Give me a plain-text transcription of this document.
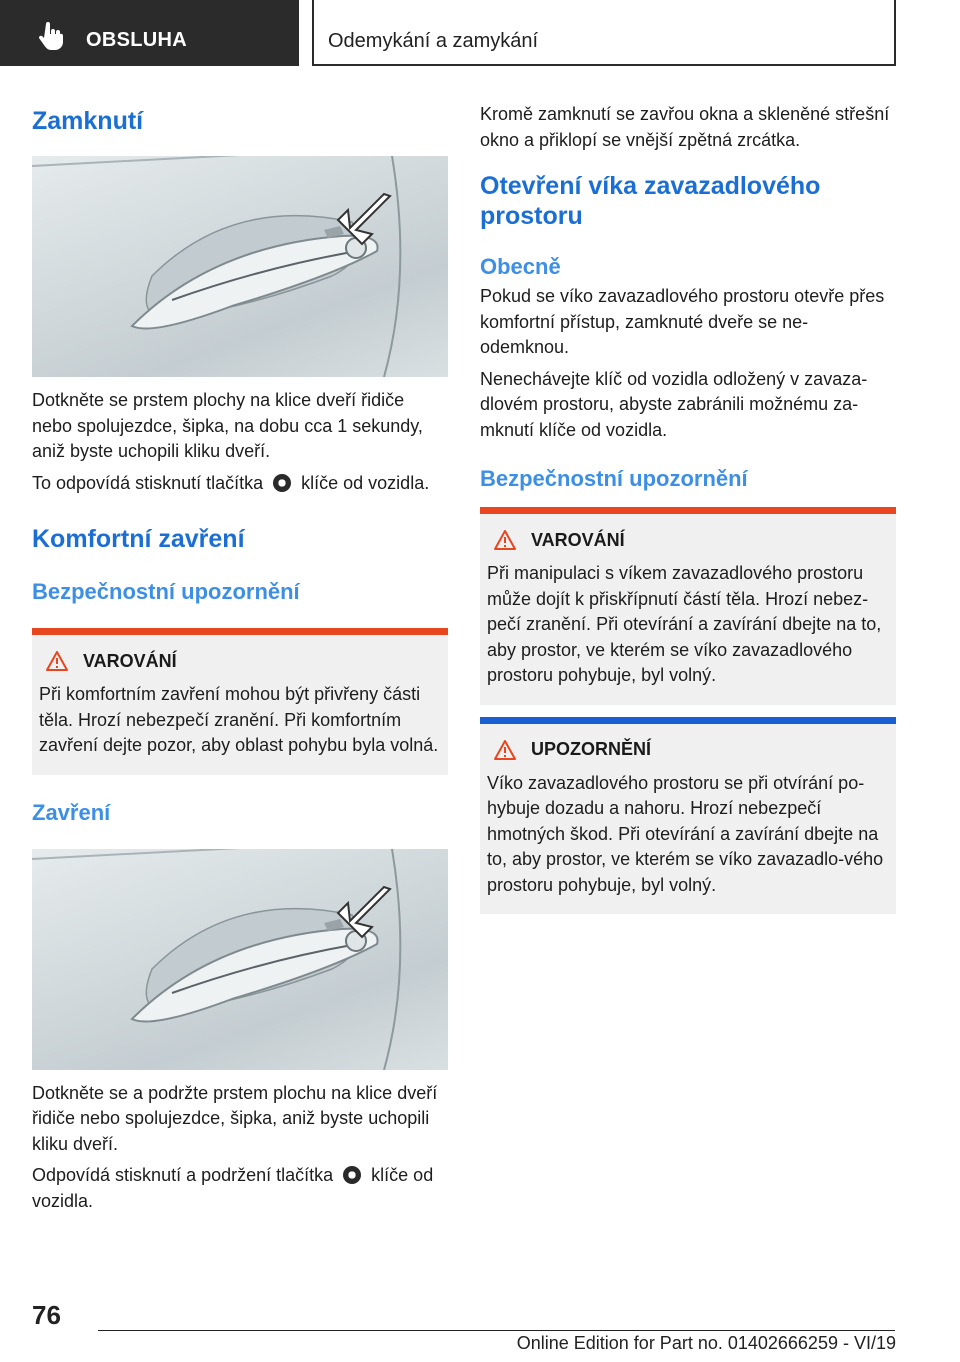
OBSLUHA	Odemykání a zamykání
Zamknutí

Dotkněte se prstem plochy na klice dveří řidiče nebo spolujezdce, šipka, na dobu cca 1 sekundy, aniž byste uchopili kliku dveří.

To odpovídá stisknutí tlačítka klíče od vozidla.

Komfortní zavření
Bezpečnostní upozornění
VAROVÁNÍ

Při komfortním zavření mohou být přivřeny části těla. Hrozí nebezpečí zranění. Při komfortním zavření dejte pozor, aby oblast pohybu byla volná.

Zavření

Dotkněte se a podržte prstem plochu na klice dveří řidiče nebo spolujezdce, šipka, aniž byste uchopili kliku dveří.

Odpovídá stisknutí a podržení tlačítka klíče od vozidla.

Kromě zamknutí se zavřou okna a skleněné střešní okno a přiklopí se vnější zpětná zrcátka.

Otevření víka zavazadlového prostoru
Obecně

Pokud se víko zavazadlového prostoru otevře přes komfortní přístup, zamknuté dveře se ne-odemknou.

Nenechávejte klíč od vozidla odložený v zavaza-dlovém prostoru, abyste zabránili možnému za-mknutí klíče od vozidla.

Bezpečnostní upozornění
VAROVÁNÍ

Při manipulaci s víkem zavazadlového prostoru může dojít k přiskřípnutí částí těla. Hrozí nebez-pečí zranění. Při otevírání a zavírání dbejte na to, aby prostor, ve kterém se víko zavazadlového prostoru pohybuje, byl volný.

UPOZORNĚNÍ

Víko zavazadlového prostoru se při otvírání po-hybuje dozadu a nahoru. Hrozí nebezpečí hmotných škod. Při otevírání a zavírání dbejte na to, aby prostor, ve kterém se víko zavazadlo-vého prostoru pohybuje, byl volný.

76
Online Edition for Part no. 01402666259 - VI/19
